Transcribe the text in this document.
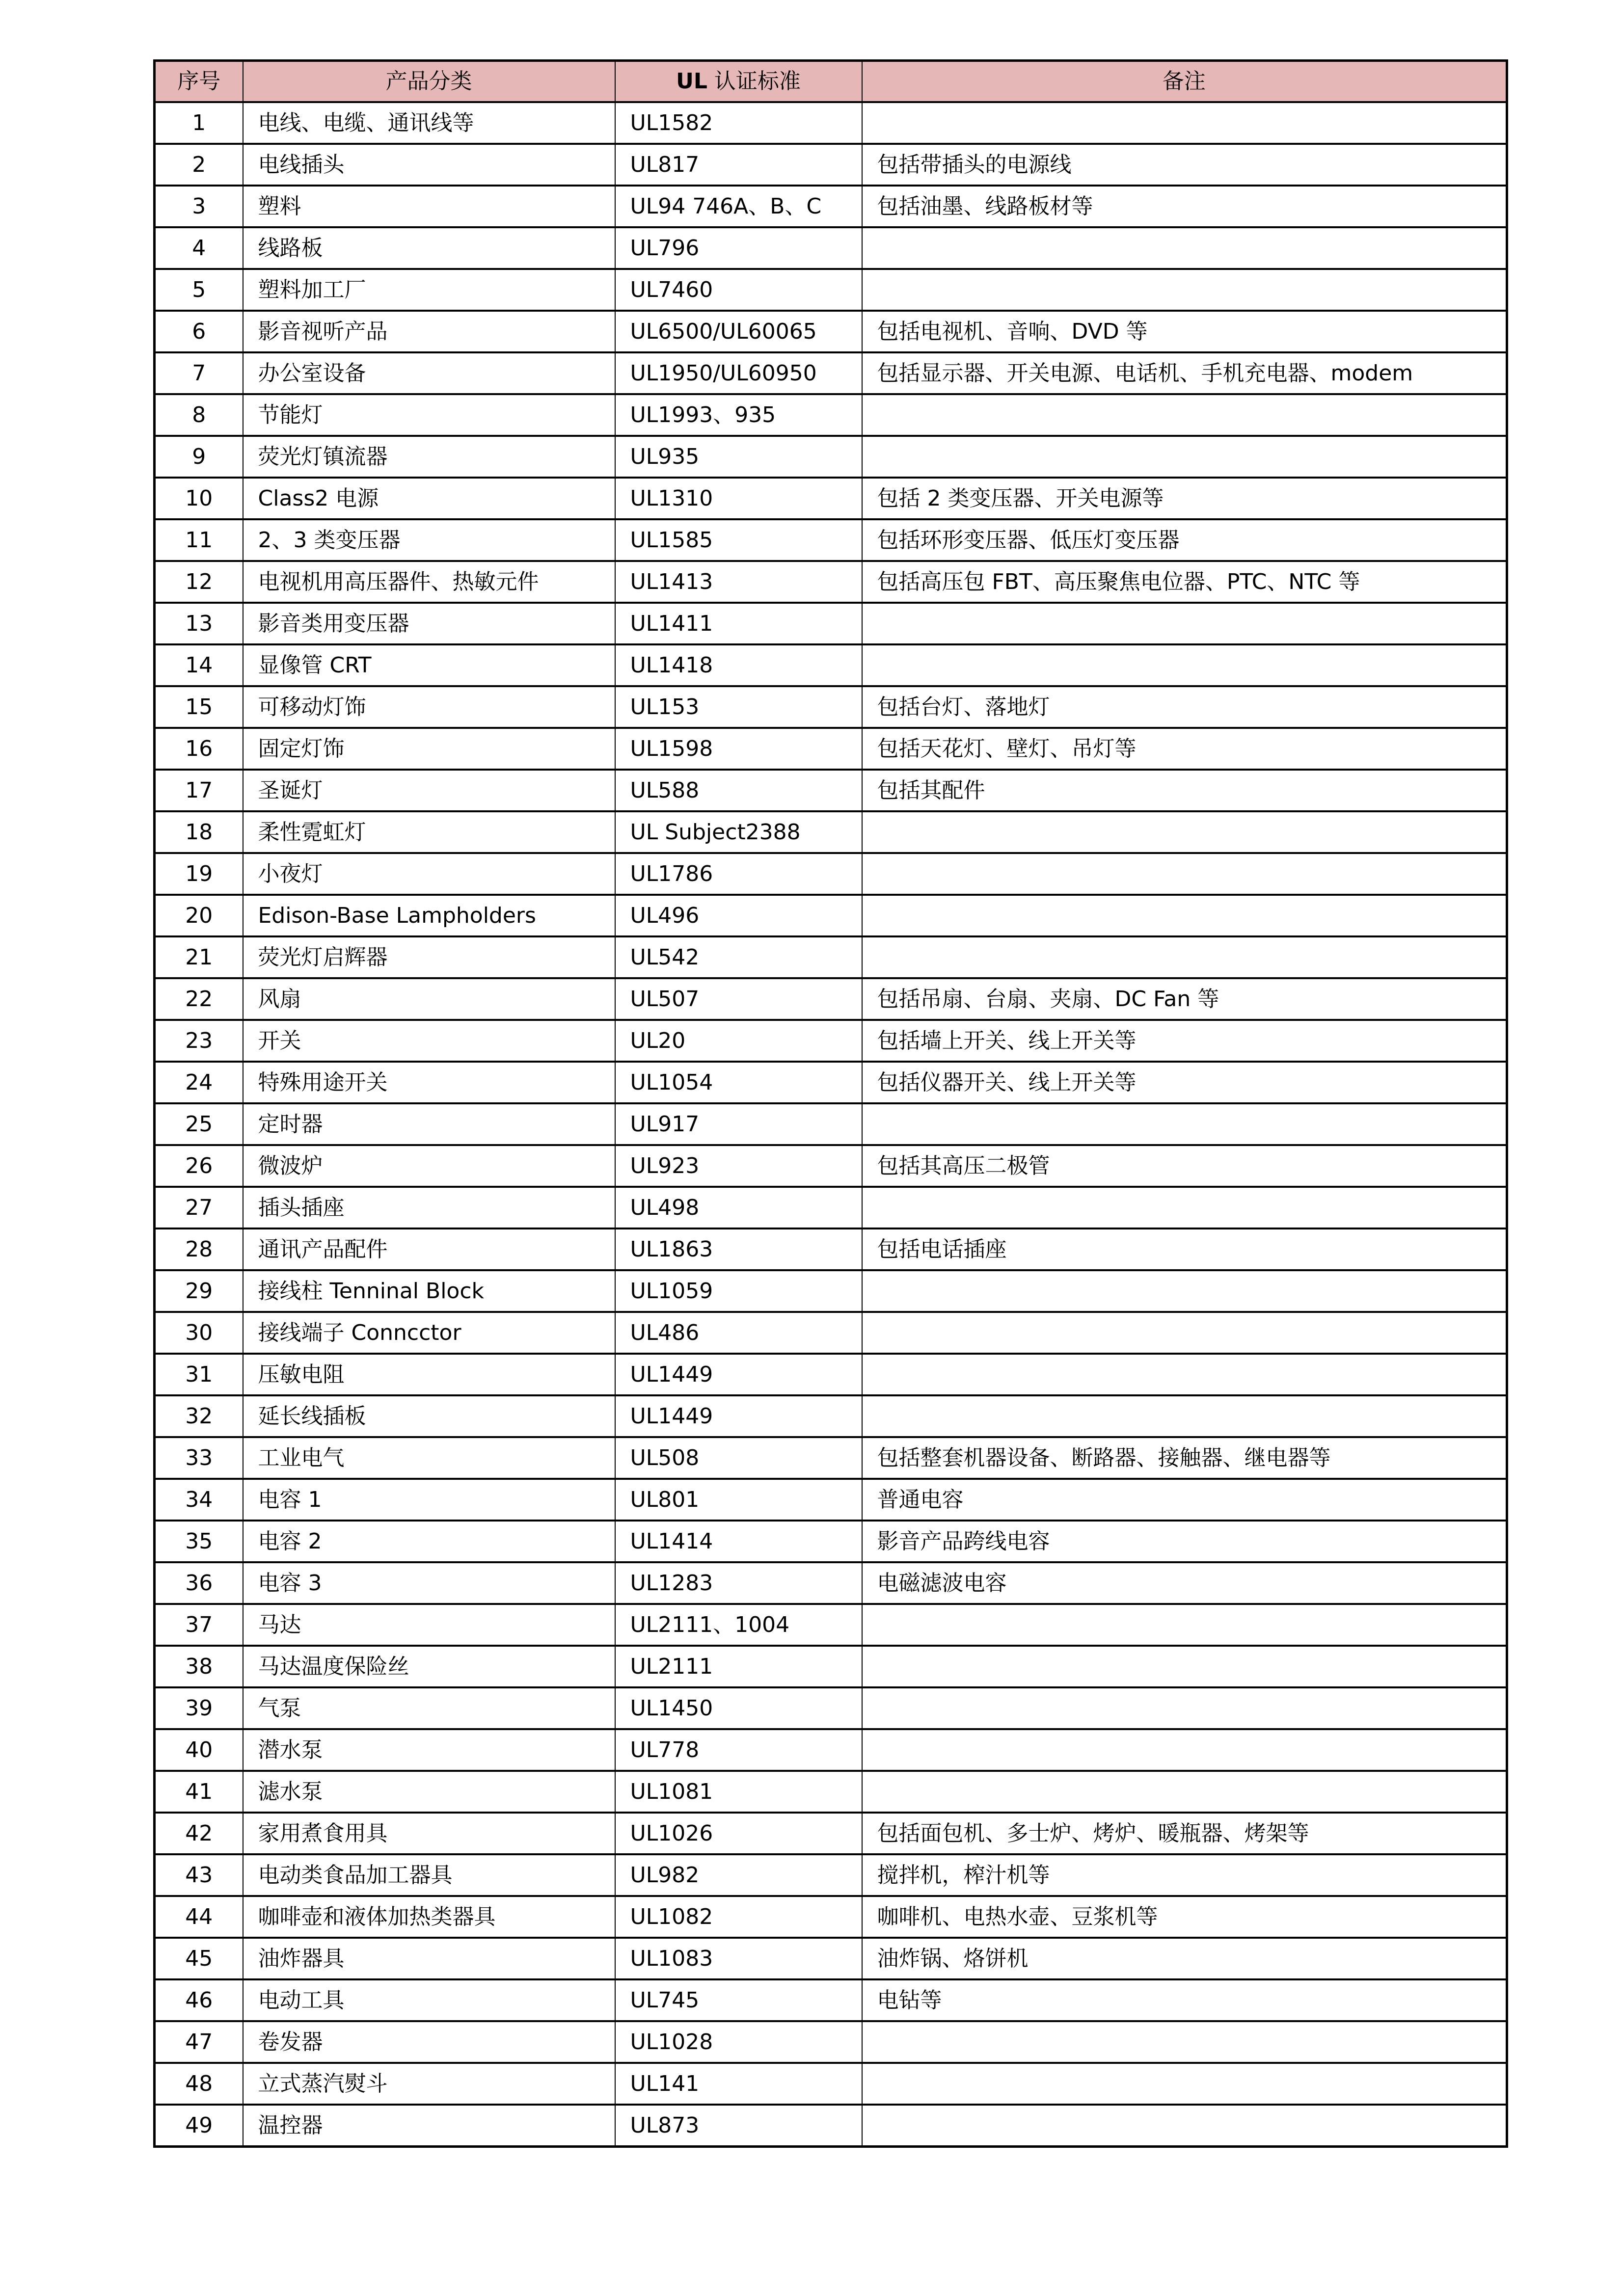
序号	产品分类	UL 认证标准	备注
1	电线、电缆、通讯线等	UL1582	
2	电线插头	UL817	包括带插头的电源线
3	塑料	UL94 746A、B、C	包括油墨、线路板材等
4	线路板	UL796	
5	塑料加工厂	UL7460	
6	影音视听产品	UL6500/UL60065	包括电视机、音响、DVD 等
7	办公室设备	UL1950/UL60950	包括显示器、开关电源、电话机、手机充电器、modem
8	节能灯	UL1993、935	
9	荧光灯镇流器	UL935	
10	Class2 电源	UL1310	包括 2 类变压器、开关电源等
11	2、3 类变压器	UL1585	包括环形变压器、低压灯变压器
12	电视机用高压器件、热敏元件	UL1413	包括高压包 FBT、高压聚焦电位器、PTC、NTC 等
13	影音类用变压器	UL1411	
14	显像管 CRT	UL1418	
15	可移动灯饰	UL153	包括台灯、落地灯
16	固定灯饰	UL1598	包括天花灯、壁灯、吊灯等
17	圣诞灯	UL588	包括其配件
18	柔性霓虹灯	UL Subject2388	
19	小夜灯	UL1786	
20	Edison-Base Lampholders	UL496	
21	荧光灯启辉器	UL542	
22	风扇	UL507	包括吊扇、台扇、夹扇、DC Fan 等
23	开关	UL20	包括墙上开关、线上开关等
24	特殊用途开关	UL1054	包括仪器开关、线上开关等
25	定时器	UL917	
26	微波炉	UL923	包括其高压二极管
27	插头插座	UL498	
28	通讯产品配件	UL1863	包括电话插座
29	接线柱 Tenninal Block	UL1059	
30	接线端子 Conncctor	UL486	
31	压敏电阻	UL1449	
32	延长线插板	UL1449	
33	工业电气	UL508	包括整套机器设备、断路器、接触器、继电器等
34	电容 1	UL801	普通电容
35	电容 2	UL1414	影音产品跨线电容
36	电容 3	UL1283	电磁滤波电容
37	马达	UL2111、1004	
38	马达温度保险丝	UL2111	
39	气泵	UL1450	
40	潜水泵	UL778	
41	滤水泵	UL1081	
42	家用煮食用具	UL1026	包括面包机、多士炉、烤炉、暖瓶器、烤架等
43	电动类食品加工器具	UL982	搅拌机，榨汁机等
44	咖啡壶和液体加热类器具	UL1082	咖啡机、电热水壶、豆浆机等
45	油炸器具	UL1083	油炸锅、烙饼机
46	电动工具	UL745	电钻等
47	卷发器	UL1028	
48	立式蒸汽熨斗	UL141	
49	温控器	UL873	
